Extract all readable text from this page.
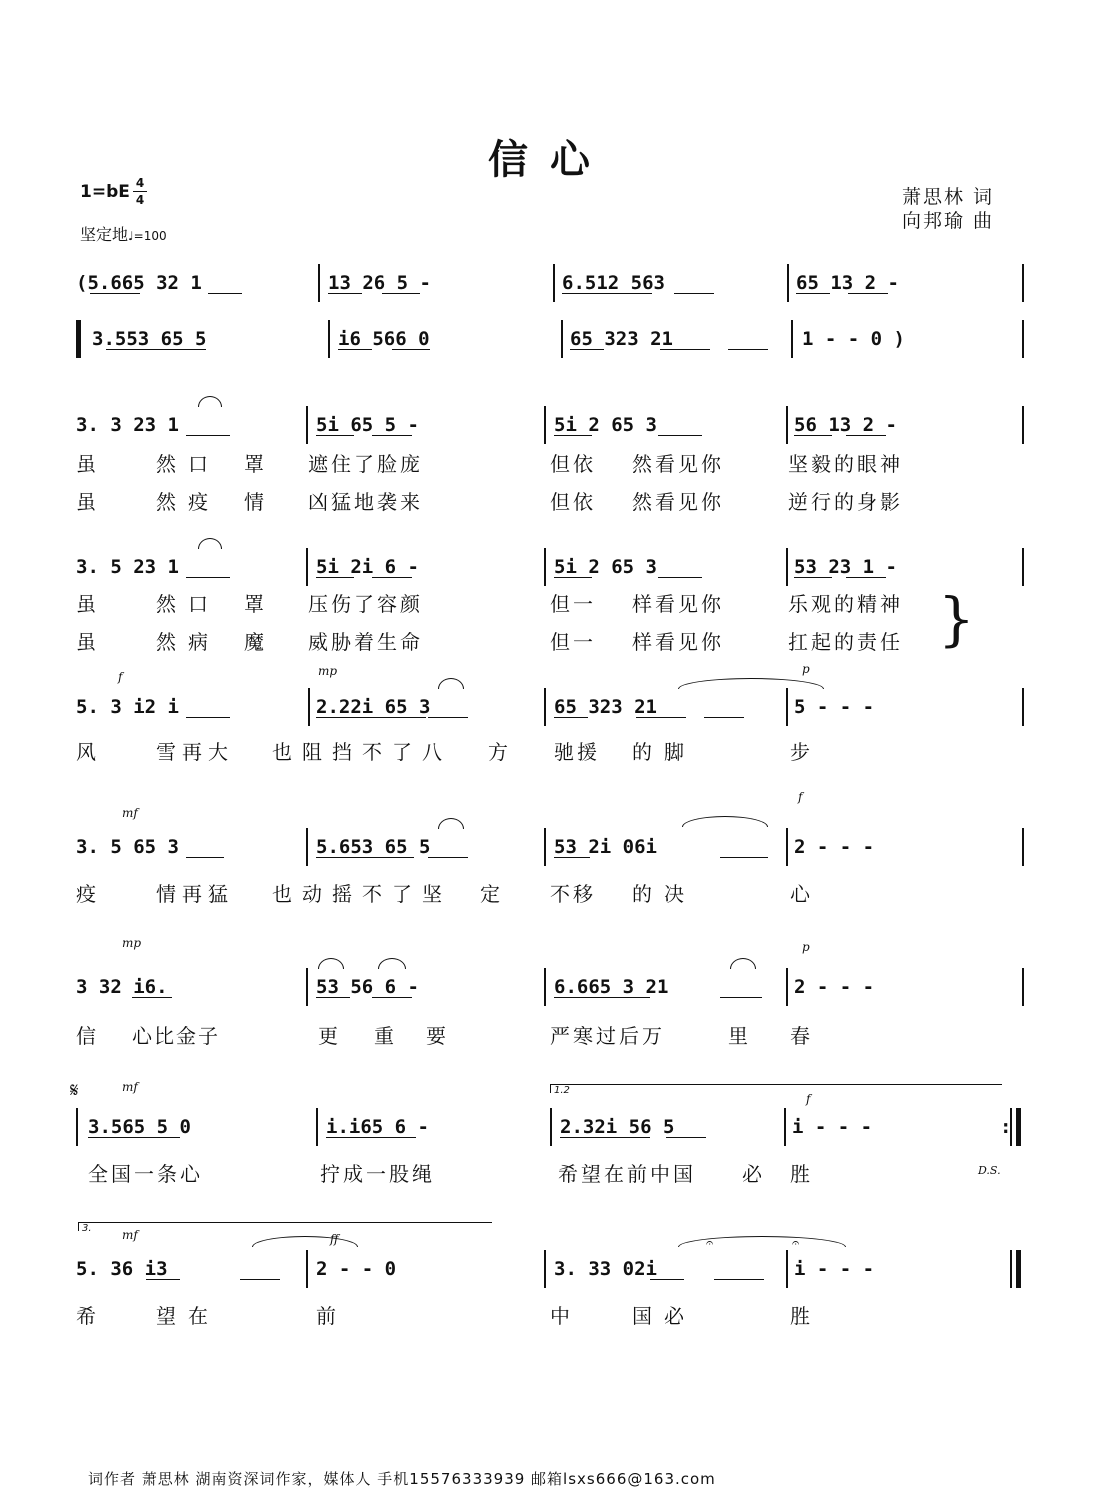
信心
1=bE 4
4
坚定地♩=100
萧思林 词
向邦瑜 曲
(5.665 32 1	13 26 5 -	6.512 563	65 13 2 -
3.553 65 5	i6 566 0	65 323 21	1 - - 0 )
3. 3 23 1	5i 65 5 -	5i 2 65 3	56 13 2 -
虽	然口 罩 遮住了脸庞	但依 然看见你	坚毅的眼神
虽	然疫 情 凶猛地袭来	但依 然看见你	逆行的身影
3. 5 23 1	5i 2i 6 -	5i 2 65 3	53 23 1 -
虽	然口 罩 压伤了容颜	但一 样看见你	乐观的精神
虽	然病 魔 威胁着生命	但一 样看见你	扛起的责任 }
f	mp	p
5. 3 i2 i	2.22i 65 3	65 323 21	5 - - -
风	雪再大 也阻挡不了八 方 驰援 的脚	步
mf
f
3. 5 65 3	5.653 65 5	53 2i 06i	2 - - -
疫	情再猛 也动摇不了坚 定 不移 的决	心
mp	p
3 32 i6.	53 56 6 -	6.665 3 21	2 - - -
信 心比金子	更 重 要	严寒过后万	里 春
𝄋	mf	1.2
f
3.565 5 0	i.i65 6 -	2.32i 56 5	i - - -	:
全国一条心	拧成一股绳	希望在前中国 必 胜	D.S.
3.	mf	ff	𝄐	𝄐
5. 36 i3	2 - - 0	3. 33 02i	i - - -
希	望在	前	中	国必	胜
词作者 萧思林 湖南资深词作家，媒体人 手机15576333939 邮箱lsxs666@163.com
